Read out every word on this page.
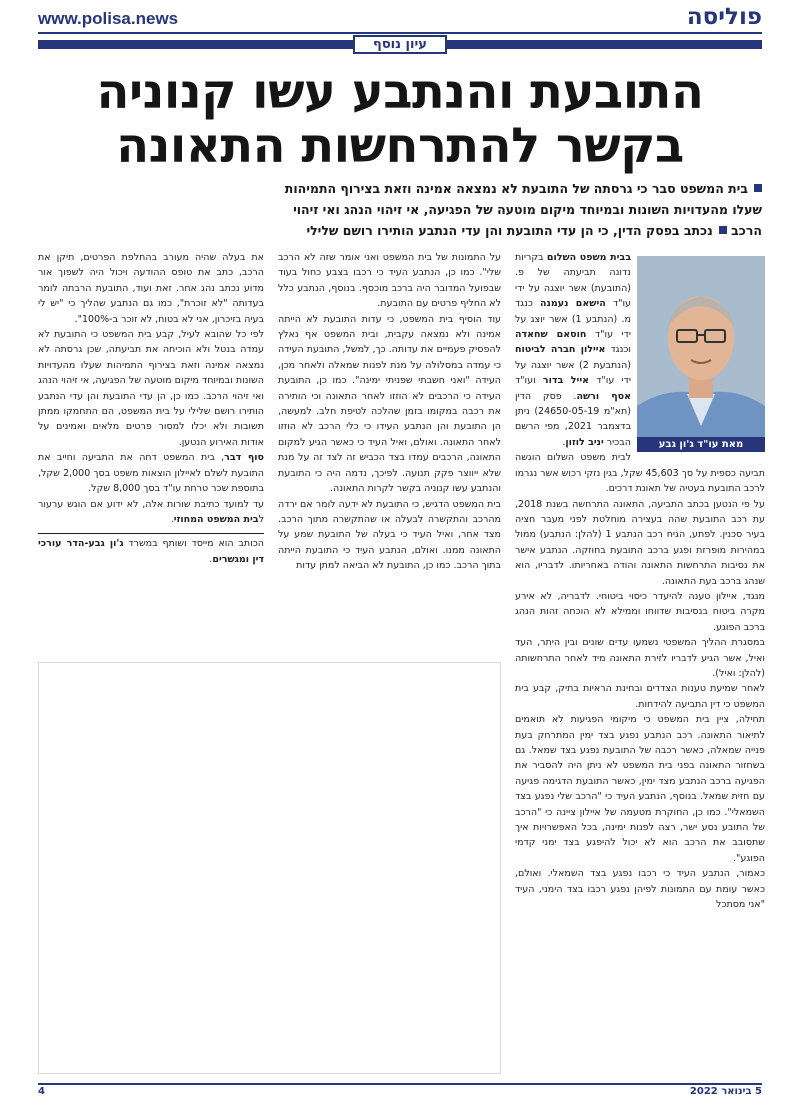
www.polisa.news	פוליסה
עיון נוסף
התובעת והנתבע עשו קנוניה
בקשר להתרחשות התאונה
בית המשפט סבר כי גרסתה של התובעת לא נמצאה אמינה וזאת בצירוף התמיהות
שעלו מהעדויות השונות ובמיוחד מיקום מוטעה של הפגיעה, אי זיהוי הנהג ואי זיהוי
הרכב נכתב בפסק הדין, כי הן עדי התובעת והן עדי הנתבע הותירו רושם שלילי
מאת עו"ד ג'ון גבע

בבית משפט השלום בקריות נדונה תביעתה של פ. (התובעת) אשר יוצגה על ידי עו"ד הישאם נעמנה כנגד מ. (הנתבע 1) אשר יוצג על ידי עו"ד חוסאם שחאדה וכנגד איילון חברה לביטוח (הנתבעת 2) אשר יוצגה על ידי עו"ד אייל בדור ועו"ד אסף ורשה. פסק הדין (תא"מ 24650-05-19) ניתן בדצמבר 2021, מפי הרשם הבכיר יניב לוזון.

לבית משפט השלום הוגשה תביעה כספית על סך 45,603 שקל, בגין נזקי רכוש אשר נגרמו לרכב התובעת בעטיה של תאונת דרכים.

על פי הנטען בכתב התביעה, התאונה התרחשה בשנת 2018, עת רכב התובעת שהה בעצירה מוחלטת לפני מעבר חציה בעיר סכנין. לפתע, הגיח רכב הנתבע 1 (להלן: הנתבע) ממול במהירות מופרזת ופגע ברכב התובעת בחוזקה. הנתבע אישר את נסיבות התרחשות התאונה והודה באחריותו. לדבריו, הוא שנהג ברכב בעת התאונה.

מנגד, איילון טענה להיעדר כיסוי ביטוחי. לדבריה, לא אירע מקרה ביטוח בנסיבות שדווחו וממילא לא הוכחה זהות הנהג ברכב הפוגע.

במסגרת ההליך המשפטי נשמעו עדים שונים ובין היתר, העד ואיל, אשר הגיע לדבריו לזירת התאונה מיד לאחר התרחשותה (להלן: ואיל).

לאחר שמיעת טענות הצדדים ובחינת הראיות בתיק, קבע בית המשפט כי דין התביעה להידחות.

תחילה, ציין בית המשפט כי מיקומי הפגיעות לא תואמים לתיאור התאונה. רכב הנתבע נפגע בצד ימין המתרחק בעת פנייה שמאלה, כאשר רכבה של התובעת נפגע בצד שמאל. גם בשחזור התאונה בפני בית המשפט לא ניתן היה להסביר את הפגיעה ברכב הנתבע מצד ימין, כאשר התובעת הדגימה פגיעה עם חזית שמאל. בנוסף, הנתבע העיד כי "הרכב שלי נפגע בצד השמאלי". כמו כן, החוקרת מטעמה של איילון ציינה כי "הרכב של התובע נסע ישר, רצה לפנות ימינה, בכל האפשרויות איך שתסובב את הרכב הוא לא יכול להיפגע בצד ימני קדמי הפוגע".

כאמור, הנתבע העיד כי רכבו נפגע בצד השמאלי. ואולם, כאשר עומת עם התמונות לפיהן נפגע רכבו בצד הימני, העיד "אני מסתכל

על התמונות של בית המשפט ואני אומר שזה לא הרכב שלי". כמו כן, הנתבע העיד כי רכבו בצבע כחול בעוד שבפועל המדובר היה ברכב מוכסף. בנוסף, הנתבע כלל לא החליף פרטים עם התובעת.

עוד הוסיף בית המשפט, כי עדות התובעת לא הייתה אמינה ולא נמצאה עקבית, ובית המשפט אף נאלץ להפסיק פעמיים את עדותה. כך, למשל, התובעת העידה כי עמדה במסלולה על מנת לפנות שמאלה ולאחר מכן, העידה "ואני חשבתי שפניתי ימינה". כמו כן, התובעת העידה כי הרכבים לא הוזזו לאחר התאונה וכי הותירה את רכבה במקומו בזמן שהלכה לטיפת חלב. למעשה, הן התובעת והן הנתבע העידו כי כלי הרכב לא הוזזו לאחר התאונה. ואולם, ואיל העיד כי כאשר הגיע למקום התאונה, הרכבים עמדו בצד הכביש זה לצד זה על מנת שלא ייווצר פקק תנועה. לפיכך, נדמה היה כי התובעת והנתבע עשו קנוניה בקשר לקרות התאונה.

בית המשפט הדגיש, כי התובעת לא ידעה לומר אם ירדה מהרכב והתקשרה לבעלה או שהתקשרה מתוך הרכב. מצד אחר, ואיל העיד כי בעלה של התובעת שמע על התאונה ממנו. ואולם, הנתבע העיד כי התובעת הייתה בתוך הרכב. כמו כן, התובעת לא הביאה למתן עדות

את בעלה שהיה מעורב בהחלפת הפרטים, תיקן את הרכב, כתב את טופס ההודעה ויכול היה לשפוך אור מדוע נכתב נהג אחר. זאת ועוד, התובעת הרבתה לומר בעדותה "לא זוכרת", כמו גם הנתבע שהליך כי "יש לי בעיה בזיכרון, אני לא בטוח, לא זוכר ב-100%".

לפי כל שהובא לעיל, קבע בית המשפט כי התובעת לא עמדה בנטל ולא הוכיחה את תביעתה, שכן גרסתה לא נמצאה אמינה וזאת בצירוף התמיהות שעלו מהעדויות השונות ובמיוחד מיקום מוטעה של הפגיעה, אי זיהוי הנהג ואי זיהוי הרכב. כמו כן, הן עדי התובעת והן עדי הנתבע הותירו רושם שלילי על בית המשפט, הם התחמקו ממתן תשובות ולא יכלו למסור פרטים מלאים ואמינים על אודות האירוע הנטען.

סוף דבר, בית המשפט דחה את התביעה וחייב את התובעת לשלם לאיילון הוצאות משפט בסך 2,000 שקל, בתוספת שכר טרחת עו"ד בסך 8,000 שקל.

עד למועד כתיבת שורות אלה, לא ידוע אם הוגש ערעור לבית המשפט המחוזי.

הכותב הוא מייסד ושותף במשרד ג'ון גבע-הדר עורכי דין ומגשרים.

4	5 בינואר 2022
